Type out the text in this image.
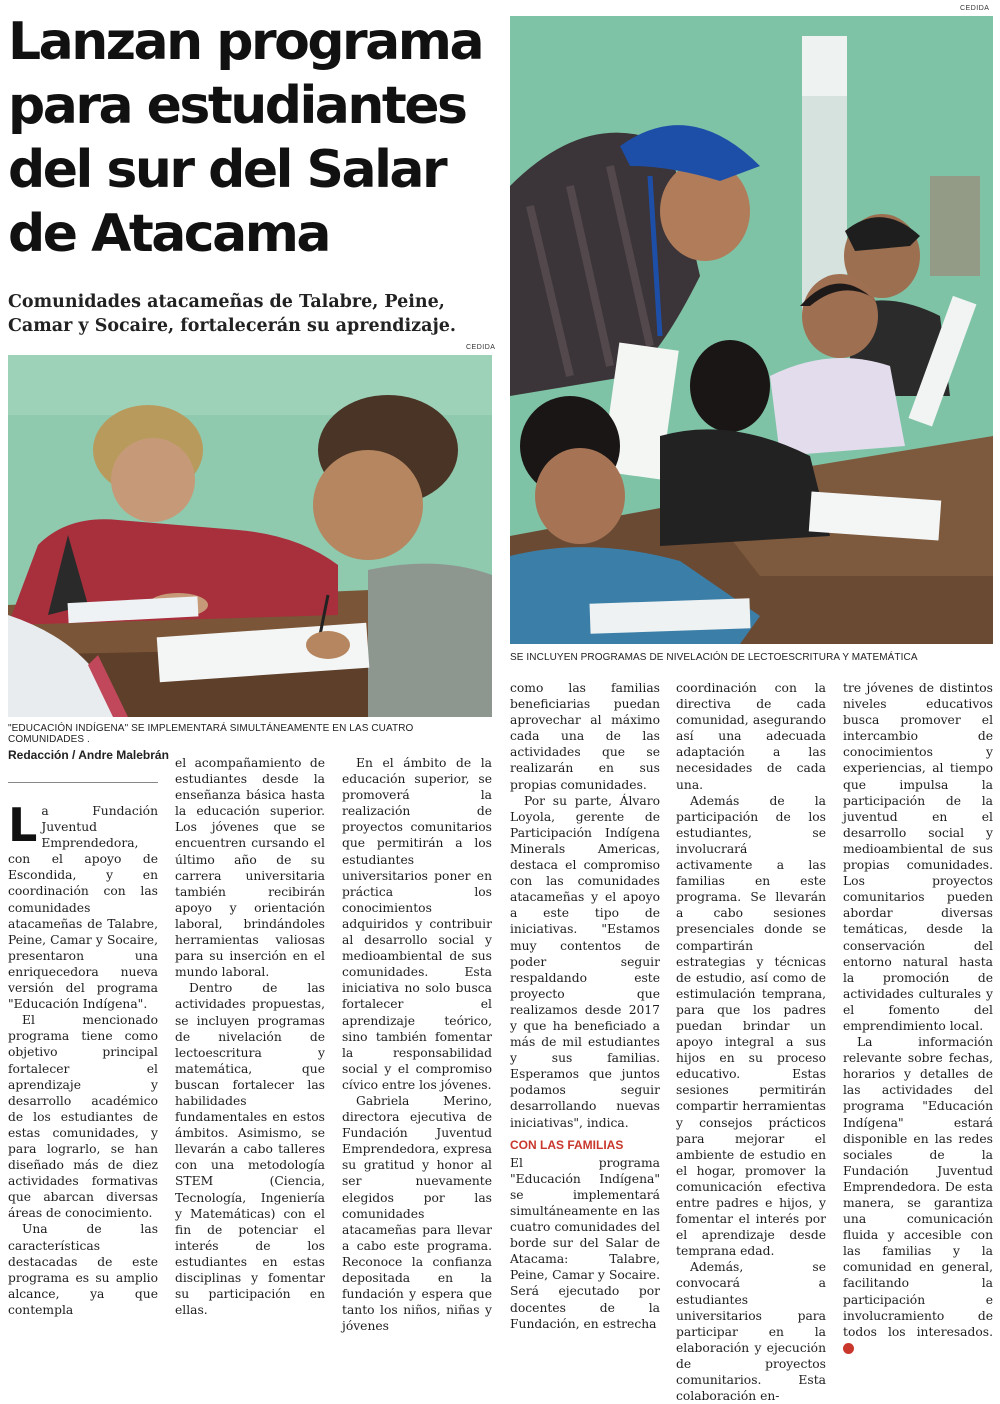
CEDIDA
Lanzan programa para estudiantes del sur del Salar de Atacama

Comunidades atacameñas de Talabre, Peine, Camar y Socaire, fortalecerán su aprendizaje.

CEDIDA
"EDUCACIÓN INDÍGENA" SE IMPLEMENTARÁ SIMULTÁNEAMENTE EN LAS CUATRO COMUNIDADES .
SE INCLUYEN PROGRAMAS DE NIVELACIÓN DE LECTOESCRITURA Y MATEMÁTICA
Redacción / Andre Malebrán

La Fundación Juventud Emprendedora, con el apoyo de Escondida, y en coordinación con las comunidades atacameñas de Talabre, Peine, Camar y Socaire, presentaron una enriquecedora nueva versión del programa "Educación Indígena".

El mencionado programa tiene como objetivo principal fortalecer el aprendizaje y desarrollo académico de los estudiantes de estas comunidades, y para lograrlo, se han diseñado más de diez actividades formativas que abarcan diversas áreas de conocimiento.

Una de las características destacadas de este programa es su amplio alcance, ya que contempla

el acompañamiento de estudiantes desde la enseñanza básica hasta la educación superior. Los jóvenes que se encuentren cursando el último año de su carrera universitaria también recibirán apoyo y orientación laboral, brindándoles herramientas valiosas para su inserción en el mundo laboral.

Dentro de las actividades propuestas, se incluyen programas de nivelación de lectoescritura y matemática, que buscan fortalecer las habilidades fundamentales en estos ámbitos. Asimismo, se llevarán a cabo talleres con una metodología STEM (Ciencia, Tecnología, Ingeniería y Matemáticas) con el fin de potenciar el interés de los estudiantes en estas disciplinas y fomentar su participación en ellas.

En el ámbito de la educación superior, se promoverá la realización de proyectos comunitarios que permitirán a los estudiantes universitarios poner en práctica los conocimientos adquiridos y contribuir al desarrollo social y medioambiental de sus comunidades. Esta iniciativa no solo busca fortalecer el aprendizaje teórico, sino también fomentar la responsabilidad social y el compromiso cívico entre los jóvenes.

Gabriela Merino, directora ejecutiva de Fundación Juventud Emprendedora, expresa su gratitud y honor al ser nuevamente elegidos por las comunidades atacameñas para llevar a cabo este programa. Reconoce la confianza depositada en la fundación y espera que tanto los niños, niñas y jóvenes

como las familias beneficiarias puedan aprovechar al máximo cada una de las actividades que se realizarán en sus propias comunidades.

Por su parte, Álvaro Loyola, gerente de Participación Indígena Minerals Americas, destaca el compromiso con las comunidades atacameñas y el apoyo a este tipo de iniciativas. "Estamos muy contentos de poder seguir respaldando este proyecto que realizamos desde 2017 y que ha beneficiado a más de mil estudiantes y sus familias. Esperamos que juntos podamos seguir desarrollando nuevas iniciativas", indica.

CON LAS FAMILIAS

El programa "Educación Indígena" se implementará simultáneamente en las cuatro comunidades del borde sur del Salar de Atacama: Talabre, Peine, Camar y Socaire. Será ejecutado por docentes de la Fundación, en estrecha

coordinación con la directiva de cada comunidad, asegurando así una adecuada adaptación a las necesidades de cada una.

Además de la participación de los estudiantes, se involucrará activamente a las familias en este programa. Se llevarán a cabo sesiones presenciales donde se compartirán estrategias y técnicas de estudio, así como de estimulación temprana, para que los padres puedan brindar un apoyo integral a sus hijos en su proceso educativo. Estas sesiones permitirán compartir herramientas y consejos prácticos para mejorar el ambiente de estudio en el hogar, promover la comunicación efectiva entre padres e hijos, y fomentar el interés por el aprendizaje desde temprana edad.

Además, se convocará a estudiantes universitarios para participar en la elaboración y ejecución de proyectos comunitarios. Esta colaboración en-

tre jóvenes de distintos niveles educativos busca promover el intercambio de conocimientos y experiencias, al tiempo que impulsa la participación de la juventud en el desarrollo social y medioambiental de sus propias comunidades. Los proyectos comunitarios pueden abordar diversas temáticas, desde la conservación del entorno natural hasta la promoción de actividades culturales y el fomento del emprendimiento local.

La información relevante sobre fechas, horarios y detalles de las actividades del programa "Educación Indígena" estará disponible en las redes sociales de la Fundación Juventud Emprendedora. De esta manera, se garantiza una comunicación fluida y accesible con las familias y la comunidad en general, facilitando la participación e involucramiento de todos los interesados. ✪
